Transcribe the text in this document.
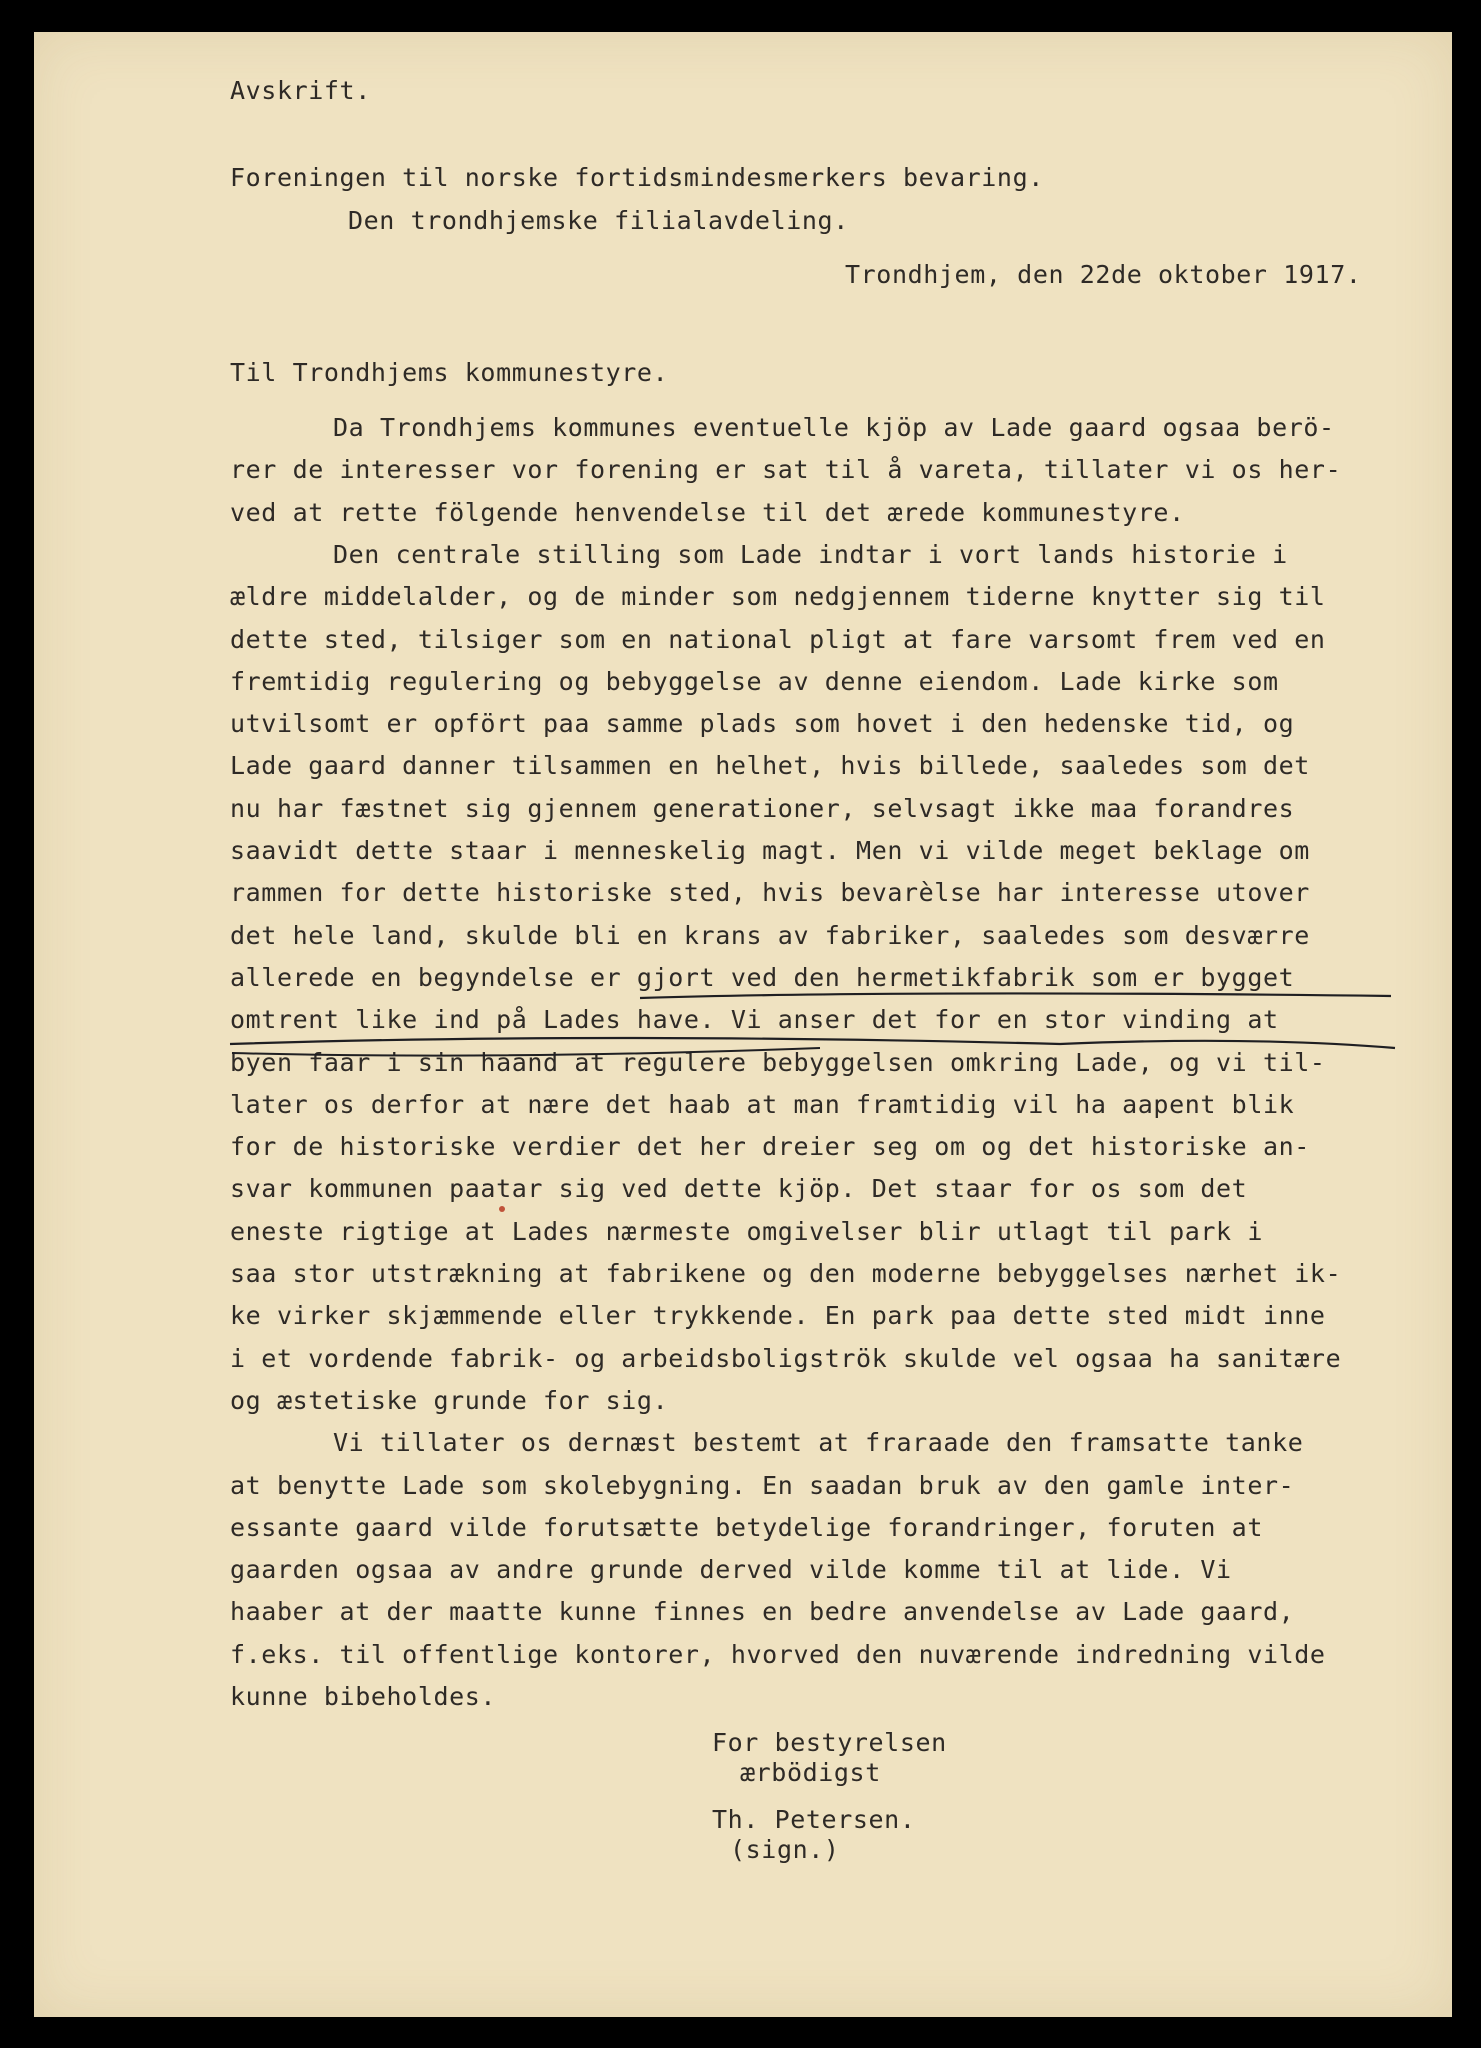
Avskrift.
Foreningen til norske fortidsmindesmerkers bevaring.
Den trondhjemske filialavdeling.
Trondhjem, den 22de oktober 1917.
Til Trondhjems kommunestyre.
Da Trondhjems kommunes eventuelle kjöp av Lade gaard ogsaa berö-
rer de interesser vor forening er sat til å vareta, tillater vi os her-
ved at rette fölgende henvendelse til det ærede kommunestyre.
Den centrale stilling som Lade indtar i vort lands historie i
ældre middelalder, og de minder som nedgjennem tiderne knytter sig til
dette sted, tilsiger som en national pligt at fare varsomt frem ved en
fremtidig regulering og bebyggelse av denne eiendom. Lade kirke som
utvilsomt er opfört paa samme plads som hovet i den hedenske tid, og
Lade gaard danner tilsammen en helhet, hvis billede, saaledes som det
nu har fæstnet sig gjennem generationer, selvsagt ikke maa forandres
saavidt dette staar i menneskelig magt. Men vi vilde meget beklage om
rammen for dette historiske sted, hvis bevarèlse har interesse utover
det hele land, skulde bli en krans av fabriker, saaledes som desværre
allerede en begyndelse er gjort ved den hermetikfabrik som er bygget
omtrent like ind på Lades have. Vi anser det for en stor vinding at
byen faar i sin haand at regulere bebyggelsen omkring Lade, og vi til-
later os derfor at nære det haab at man framtidig vil ha aapent blik
for de historiske verdier det her dreier seg om og det historiske an-
svar kommunen paatar sig ved dette kjöp. Det staar for os som det
eneste rigtige at Lades nærmeste omgivelser blir utlagt til park i
saa stor utstrækning at fabrikene og den moderne bebyggelses nærhet ik-
ke virker skjæmmende eller trykkende. En park paa dette sted midt inne
i et vordende fabrik- og arbeidsboligströk skulde vel ogsaa ha sanitære
og æstetiske grunde for sig.
Vi tillater os dernæst bestemt at fraraade den framsatte tanke
at benytte Lade som skolebygning. En saadan bruk av den gamle inter-
essante gaard vilde forutsætte betydelige forandringer, foruten at
gaarden ogsaa av andre grunde derved vilde komme til at lide. Vi
haaber at der maatte kunne finnes en bedre anvendelse av Lade gaard,
f.eks. til offentlige kontorer, hvorved den nuværende indredning vilde
kunne bibeholdes.
For bestyrelsen
ærbödigst
Th. Petersen.
(sign.)
